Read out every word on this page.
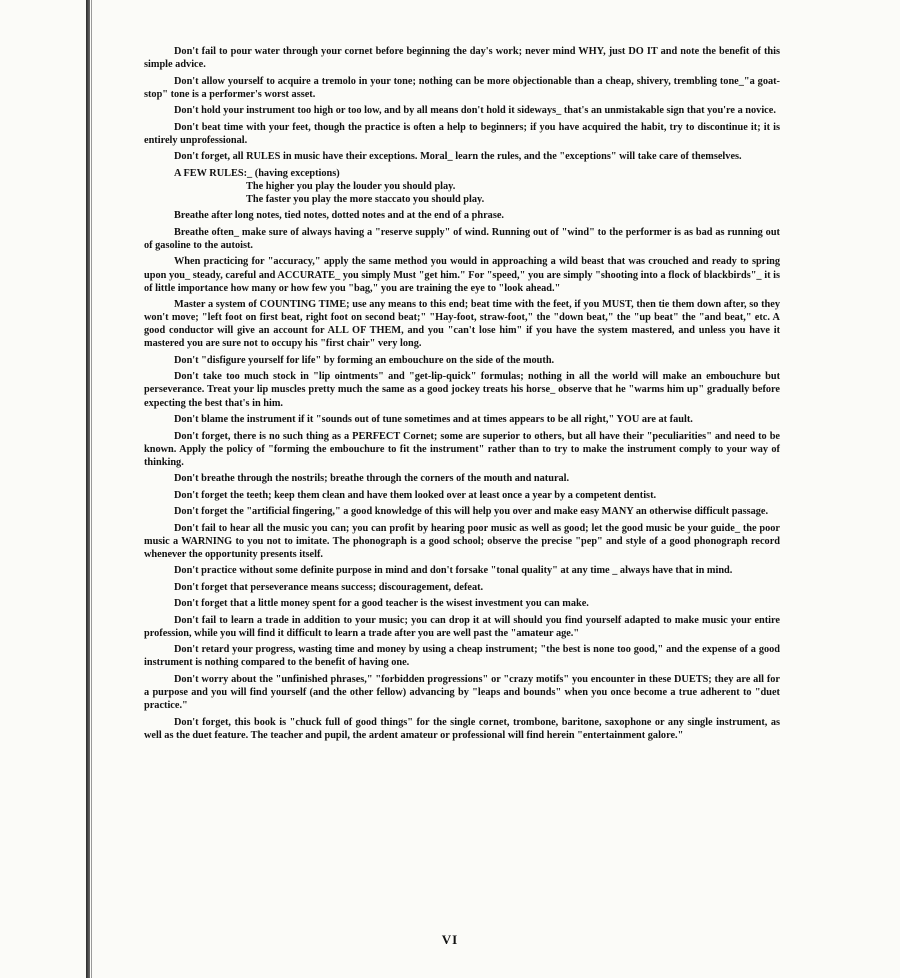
Don't fail to pour water through your cornet before beginning the day's work; never mind WHY, just DO IT and note the benefit of this simple advice.

Don't allow yourself to acquire a tremolo in your tone; nothing can be more objectionable than a cheap, shivery, trembling tone_"a goat-stop" tone is a performer's worst asset.

Don't hold your instrument too high or too low, and by all means don't hold it sideways_ that's an unmistakable sign that you're a novice.

Don't beat time with your feet, though the practice is often a help to beginners; if you have acquired the habit, try to discontinue it; it is entirely unprofessional.

Don't forget, all RULES in music have their exceptions. Moral_ learn the rules, and the "exceptions" will take care of themselves.

A FEW RULES:_ (having exceptions)

The higher you play the louder you should play.

The faster you play the more staccato you should play.

Breathe after long notes, tied notes, dotted notes and at the end of a phrase.

Breathe often_ make sure of always having a "reserve supply" of wind. Running out of "wind" to the performer is as bad as running out of gasoline to the autoist.

When practicing for "accuracy," apply the same method you would in approaching a wild beast that was crouched and ready to spring upon you_ steady, careful and ACCURATE_ you simply Must "get him." For "speed," you are simply "shooting into a flock of blackbirds"_ it is of little importance how many or how few you "bag," you are training the eye to "look ahead."

Master a system of COUNTING TIME; use any means to this end; beat time with the feet, if you MUST, then tie them down after, so they won't move; "left foot on first beat, right foot on second beat;" "Hay-foot, straw-foot," the "down beat," the "up beat" the "and beat," etc. A good conductor will give an account for ALL OF THEM, and you "can't lose him" if you have the system mastered, and unless you have it mastered you are sure not to occupy his "first chair" very long.

Don't "disfigure yourself for life" by forming an embouchure on the side of the mouth.

Don't take too much stock in "lip ointments" and "get-lip-quick" formulas; nothing in all the world will make an embouchure but perseverance. Treat your lip muscles pretty much the same as a good jockey treats his horse_ observe that he "warms him up" gradually before expecting the best that's in him.

Don't blame the instrument if it "sounds out of tune sometimes and at times appears to be all right," YOU are at fault.

Don't forget, there is no such thing as a PERFECT Cornet; some are superior to others, but all have their "peculiarities" and need to be known. Apply the policy of "forming the embouchure to fit the instrument" rather than to try to make the instrument comply to your way of thinking.

Don't breathe through the nostrils; breathe through the corners of the mouth and natural.

Don't forget the teeth; keep them clean and have them looked over at least once a year by a competent dentist.

Don't forget the "artificial fingering," a good knowledge of this will help you over and make easy MANY an otherwise difficult passage.

Don't fail to hear all the music you can; you can profit by hearing poor music as well as good; let the good music be your guide_ the poor music a WARNING to you not to imitate. The phonograph is a good school; observe the precise "pep" and style of a good phonograph record whenever the opportunity presents itself.

Don't practice without some definite purpose in mind and don't forsake "tonal quality" at any time _ always have that in mind.

Don't forget that perseverance means success; discouragement, defeat.

Don't forget that a little money spent for a good teacher is the wisest investment you can make.

Don't fail to learn a trade in addition to your music; you can drop it at will should you find yourself adapted to make music your entire profession, while you will find it difficult to learn a trade after you are well past the "amateur age."

Don't retard your progress, wasting time and money by using a cheap instrument; "the best is none too good," and the expense of a good instrument is nothing compared to the benefit of having one.

Don't worry about the "unfinished phrases," "forbidden progressions" or "crazy motifs" you encounter in these DUETS; they are all for a purpose and you will find yourself (and the other fellow) advancing by "leaps and bounds" when you once become a true adherent to "duet practice."

Don't forget, this book is "chuck full of good things" for the single cornet, trombone, baritone, saxophone or any single instrument, as well as the duet feature. The teacher and pupil, the ardent amateur or professional will find herein "entertainment galore."

VI
